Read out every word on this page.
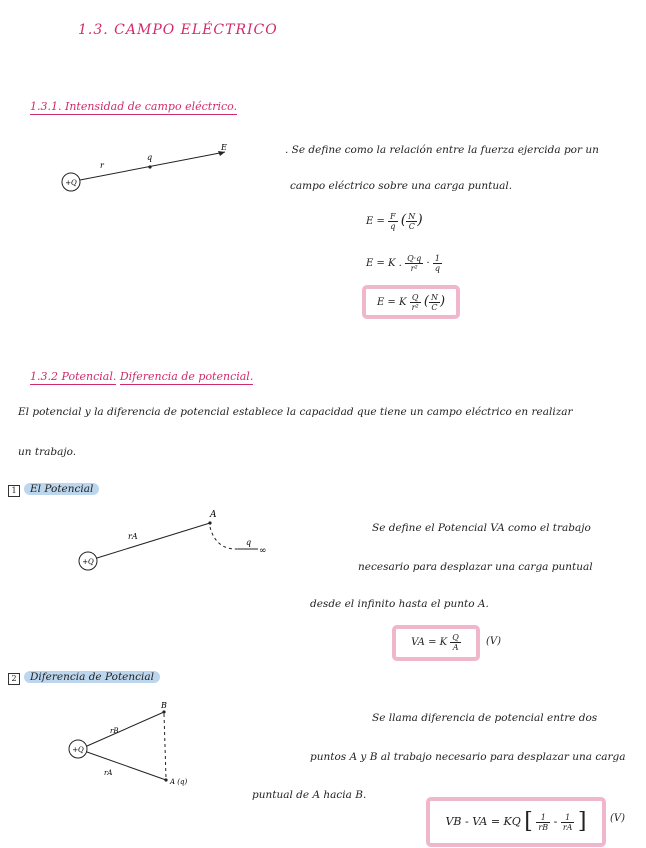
1.3. CAMPO ELÉCTRICO
1.3.1. Intensidad de campo eléctrico.
+Q
r
q
E	. Se define como la relación entre la fuerza ejercida por un
campo eléctrico sobre una carga puntual.
$E = \frac{F}{q}$ ( $\frac{N}{C}$ )
E = K . $\frac{Q\cdot q}{\text{r²}} \cdot \frac{1}{q}$
E = K $\frac{Q}{\text{r²}}$ ( $\frac{N}{C}$ )
1.3.2 Potencial. Diferencia de potencial.
El potencial y la diferencia de potencial establece la capacidad que tiene un campo eléctrico en realizar
un trabajo.
1	El Potencial
+Q
rA
A
q
∞
Se define el Potencial VA como el trabajo
necesario para desplazar una carga puntual
desde el infinito hasta el punto A.
VA = K $\frac{Q}{A}$	(V)
2	Diferencia de Potencial
+Q
rB
rA
B
A (q)
Se llama diferencia de potencial entre dos
puntos A y B al trabajo necesario para desplazar una carga
puntual de A hacia B.
VB - VA = KQ [ $\frac{1}{rB} - \frac{1}{rA}$ ]	(V)
